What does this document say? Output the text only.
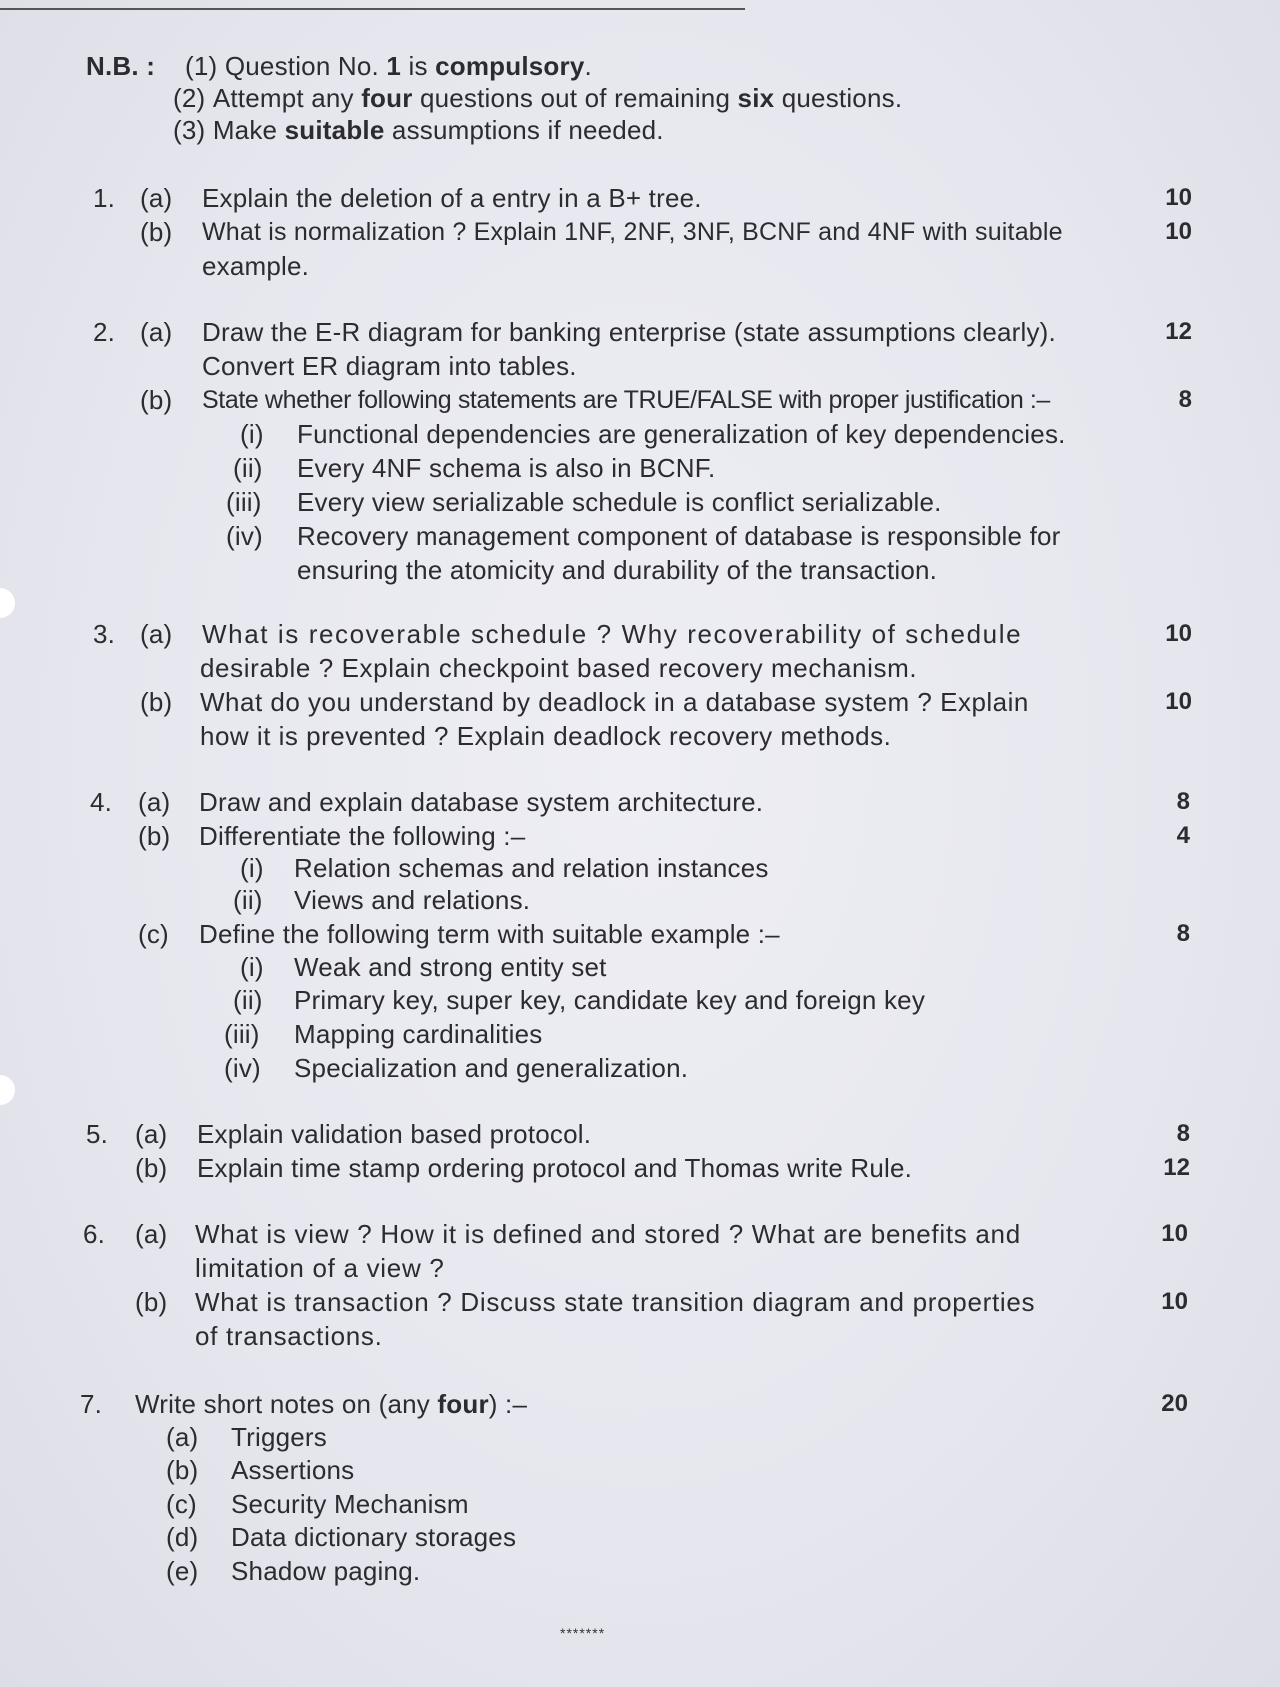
N.B. : (1) Question No. 1 is compulsory.
(2) Attempt any four questions out of remaining six questions.
(3) Make suitable assumptions if needed.
1. (a) Explain the deletion of a entry in a B+ tree.	10
(b) What is normalization ? Explain 1NF, 2NF, 3NF, BCNF and 4NF with suitable	10
example.
2. (a) Draw the E-R diagram for banking enterprise (state assumptions clearly).	12
Convert ER diagram into tables.
(b) State whether following statements are TRUE/FALSE with proper justification :–	8
(i) Functional dependencies are generalization of key dependencies.
(ii) Every 4NF schema is also in BCNF.
(iii) Every view serializable schedule is conflict serializable.
(iv) Recovery management component of database is responsible for
ensuring the atomicity and durability of the transaction.
3. (a) What is recoverable schedule ? Why recoverability of schedule	10
desirable ? Explain checkpoint based recovery mechanism.
(b) What do you understand by deadlock in a database system ? Explain	10
how it is prevented ? Explain deadlock recovery methods.
4. (a) Draw and explain database system architecture.	8
(b) Differentiate the following :–	4
(i) Relation schemas and relation instances
(ii) Views and relations.
(c) Define the following term with suitable example :–	8
(i) Weak and strong entity set
(ii) Primary key, super key, candidate key and foreign key
(iii) Mapping cardinalities
(iv) Specialization and generalization.
5. (a) Explain validation based protocol.	8
(b) Explain time stamp ordering protocol and Thomas write Rule.	12
6. (a) What is view ? How it is defined and stored ? What are benefits and	10
limitation of a view ?
(b) What is transaction ? Discuss state transition diagram and properties	10
of transactions.
7. Write short notes on (any four) :–	20
(a) Triggers
(b) Assertions
(c) Security Mechanism
(d) Data dictionary storages
(e) Shadow paging.
*******
